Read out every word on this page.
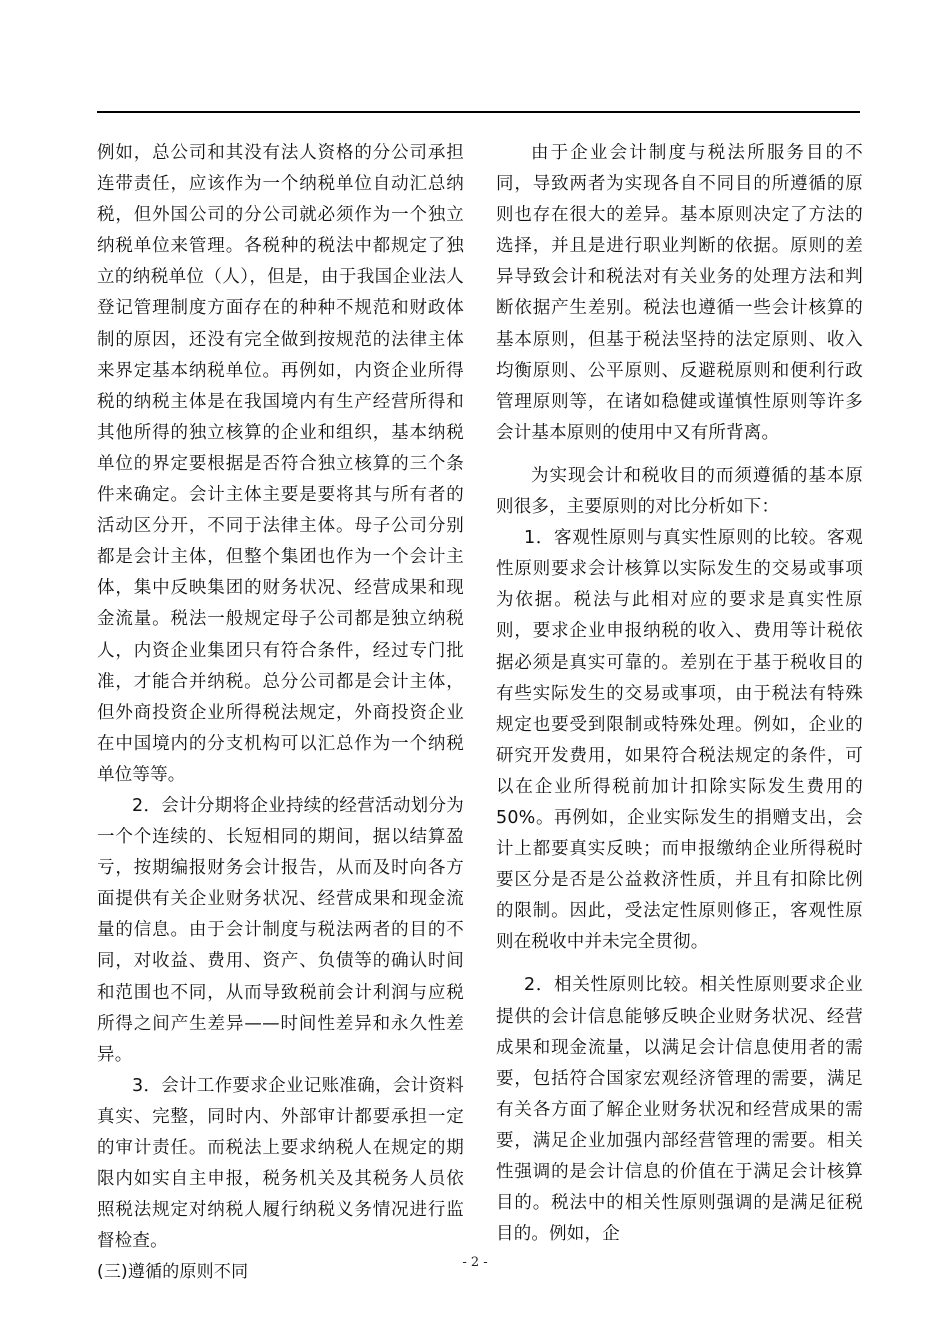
例如，总公司和其没有法人资格的分公司承担连带责任，应该作为一个纳税单位自动汇总纳税，但外国公司的分公司就必须作为一个独立纳税单位来管理。各税种的税法中都规定了独立的纳税单位（人），但是，由于我国企业法人登记管理制度方面存在的种种不规范和财政体制的原因，还没有完全做到按规范的法律主体来界定基本纳税单位。再例如，内资企业所得税的纳税主体是在我国境内有生产经营所得和其他所得的独立核算的企业和组织，基本纳税单位的界定要根据是否符合独立核算的三个条件来确定。会计主体主要是要将其与所有者的活动区分开，不同于法律主体。母子公司分别都是会计主体，但整个集团也作为一个会计主体，集中反映集团的财务状况、经营成果和现金流量。税法一般规定母子公司都是独立纳税人，内资企业集团只有符合条件，经过专门批准，才能合并纳税。总分公司都是会计主体，但外商投资企业所得税法规定，外商投资企业在中国境内的分支机构可以汇总作为一个纳税单位等等。

2．会计分期将企业持续的经营活动划分为一个个连续的、长短相同的期间，据以结算盈亏，按期编报财务会计报告，从而及时向各方面提供有关企业财务状况、经营成果和现金流量的信息。由于会计制度与税法两者的目的不同，对收益、费用、资产、负债等的确认时间和范围也不同，从而导致税前会计利润与应税所得之间产生差异——时间性差异和永久性差异。

3．会计工作要求企业记账准确，会计资料真实、完整，同时内、外部审计都要承担一定的审计责任。而税法上要求纳税人在规定的期限内如实自主申报，税务机关及其税务人员依照税法规定对纳税人履行纳税义务情况进行监督检查。

(三)遵循的原则不同

由于企业会计制度与税法所服务目的不同，导致两者为实现各自不同目的所遵循的原则也存在很大的差异。基本原则决定了方法的选择，并且是进行职业判断的依据。原则的差异导致会计和税法对有关业务的处理方法和判断依据产生差别。税法也遵循一些会计核算的基本原则，但基于税法坚持的法定原则、收入均衡原则、公平原则、反避税原则和便利行政管理原则等，在诸如稳健或谨慎性原则等许多会计基本原则的使用中又有所背离。

为实现会计和税收目的而须遵循的基本原则很多，主要原则的对比分析如下：

1．客观性原则与真实性原则的比较。客观性原则要求会计核算以实际发生的交易或事项为依据。税法与此相对应的要求是真实性原则，要求企业申报纳税的收入、费用等计税依据必须是真实可靠的。差别在于基于税收目的有些实际发生的交易或事项，由于税法有特殊规定也要受到限制或特殊处理。例如，企业的研究开发费用，如果符合税法规定的条件，可以在企业所得税前加计扣除实际发生费用的50%。再例如，企业实际发生的捐赠支出，会计上都要真实反映；而申报缴纳企业所得税时要区分是否是公益救济性质，并且有扣除比例的限制。因此，受法定性原则修正，客观性原则在税收中并未完全贯彻。

2．相关性原则比较。相关性原则要求企业提供的会计信息能够反映企业财务状况、经营成果和现金流量，以满足会计信息使用者的需要，包括符合国家宏观经济管理的需要，满足有关各方面了解企业财务状况和经营成果的需要，满足企业加强内部经营管理的需要。相关性强调的是会计信息的价值在于满足会计核算目的。税法中的相关性原则强调的是满足征税目的。例如，企

- 2 -
